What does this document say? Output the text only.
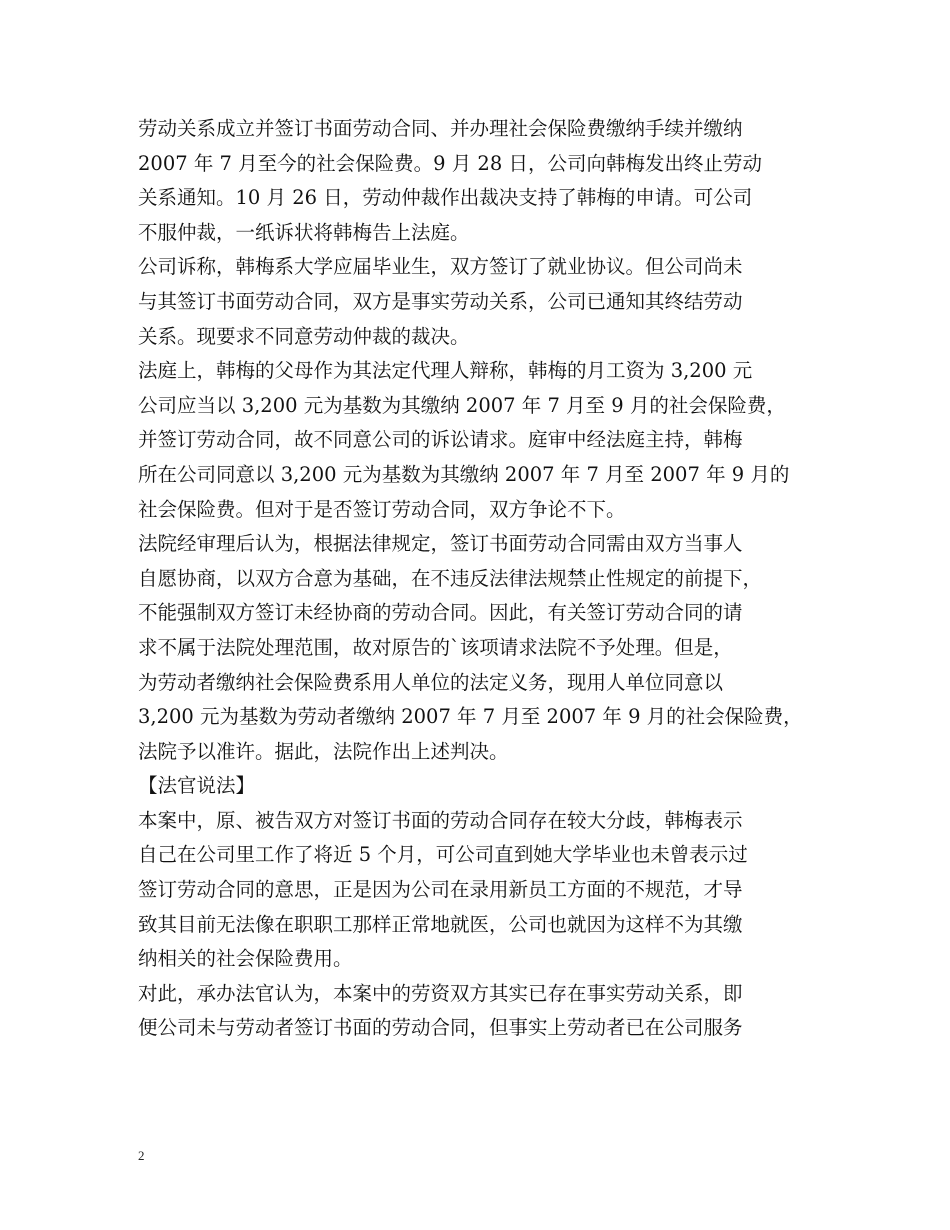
劳动关系成立并签订书面劳动合同、并办理社会保险费缴纳手续并缴纳
2007 年 7 月至今的社会保险费。9 月 28 日，公司向韩梅发出终止劳动
关系通知。10 月 26 日，劳动仲裁作出裁决支持了韩梅的申请。可公司
不服仲裁，一纸诉状将韩梅告上法庭。
公司诉称，韩梅系大学应届毕业生，双方签订了就业协议。但公司尚未
与其签订书面劳动合同，双方是事实劳动关系，公司已通知其终结劳动
关系。现要求不同意劳动仲裁的裁决。
法庭上，韩梅的父母作为其法定代理人辩称，韩梅的月工资为 3,200 元
公司应当以 3,200 元为基数为其缴纳 2007 年 7 月至 9 月的社会保险费，
并签订劳动合同，故不同意公司的诉讼请求。庭审中经法庭主持，韩梅
所在公司同意以 3,200 元为基数为其缴纳 2007 年 7 月至 2007 年 9 月的
社会保险费。但对于是否签订劳动合同，双方争论不下。
法院经审理后认为，根据法律规定，签订书面劳动合同需由双方当事人
自愿协商，以双方合意为基础，在不违反法律法规禁止性规定的前提下，
不能强制双方签订未经协商的劳动合同。因此，有关签订劳动合同的请
求不属于法院处理范围，故对原告的`该项请求法院不予处理。但是，
为劳动者缴纳社会保险费系用人单位的法定义务，现用人单位同意以
3,200 元为基数为劳动者缴纳 2007 年 7 月至 2007 年 9 月的社会保险费，
法院予以准许。据此，法院作出上述判决。
【法官说法】
本案中，原、被告双方对签订书面的劳动合同存在较大分歧，韩梅表示
自己在公司里工作了将近 5 个月，可公司直到她大学毕业也未曾表示过
签订劳动合同的意思，正是因为公司在录用新员工方面的不规范，才导
致其目前无法像在职职工那样正常地就医，公司也就因为这样不为其缴
纳相关的社会保险费用。
对此，承办法官认为，本案中的劳资双方其实已存在事实劳动关系，即
便公司未与劳动者签订书面的劳动合同，但事实上劳动者已在公司服务
2
